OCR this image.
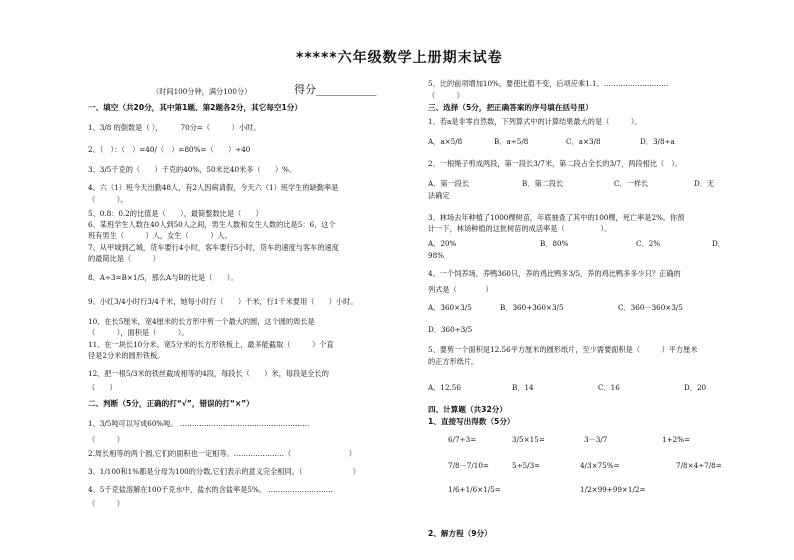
*****六年级数学上册期末试卷
（时间100分钟，满分100分）	得分___________
一、填空（共20分，其中第1题、第2题各2分，其它每空1分）
1、3/8 的倒数是（ ），　　　70分=（　　　）小时。
2、（　）：（　）=40/（　）=80%=（　　）÷40
3、3/5千克的（　　）千克的40%，50米比40米多（　　）%。
4、六（1）班今天出勤48人，有2人因病请假，今天六（1）班学生的缺勤率是
（　　　）。
5、0.8：0.2的比值是（　　），最简整数比是（　　）
6、某班学生人数在40人到50人之间，男生人数和女生人数的比是5：6，这个
班有男生（　　　）人，女生（　　　）人。
7、从甲城到乙城，货车要行4小时，客车要行5小时，货车的速度与客车的速度
的最简比是（　　　）
8、A÷3=B×1/5，那么A与B的比是（　　）。
9、小红3/4小时行3/4千米，她每小时行（　　）千米，行1千米要用（　　）小时。
10、在长5厘米，宽4厘米的长方形中剪一个最大的圆，这个圆的周长是
（　　　），面积是（　　　）。
11、在一块长10分米、宽5分米的长方形铁板上，最多能截取（　　　）个直
径是2分米的圆形铁板。
12、把一根5/3米的铁丝截成相等的4段，每段长（　　）米，每段是全长的
（　　）
二、判断（5分，正确的打“√”，错误的打“×”）
1、3/5吨可以写成60%吨。 ………………………………………………
（　　　）
2.周长相等的两个圆,它们的面积也一定相等。…………………（　　　　　　　　）
3、1/100和1%都是分母为100的分数,它们表示的意义完全相同。（　　　　　　　）
4、5千克盐溶解在100千克水中，盐水的含盐率是5%。 ………………………
（　　　）
5、比的前项增加10%，要使比值不变，后项应乘1.1。………………………
（　　　）
三、选择（5分，把正确答案的序号填在括号里）
1、若a是非零自然数，下列算式中的计算结果最大的是（　　　）。
A．a×5/8	B．a÷5/8	C．a×3/8	D．3/8÷a
2、一根绳子剪成两段，第一段长3/7米，第二段占全长的3/7，两段相比（　）。
A．第一段长	B．第二段长	C．一样长	D．无
法确定
3、林场去年种植了1000棵树苗，年底抽查了其中的100棵，死亡率是2%。你预
计一下，林场种植的这批树苗的成活率是（　　　　　）。
A．20%	B．80%	C．2%	D．
98%
4、一个饲养场，养鸭360只，养的鸡比鸭多3/5，养的鸡比鸭多多少只？正确的
列式是（　　　　）
A．360×3/5	B．360+360×3/5	C．360－360×3/5
D．360÷3/5
5、要剪一个面积是12.56平方厘米的圆形纸片，至少需要面积是（　　　）平方厘米
的正方形纸片。
A．12.56	B．14	C．16	D．20
四、计算题（共32分）
1、直接写出得数（5分）
6/7÷3=	3/5×15=	3－3/7	1+2%=
7/8－7/10=	5÷5/3=	4/3×75%=	7/8×4÷7/8=
1/6+1/6×1/5=	1/2×99+99×1/2=
2、解方程（9分）
